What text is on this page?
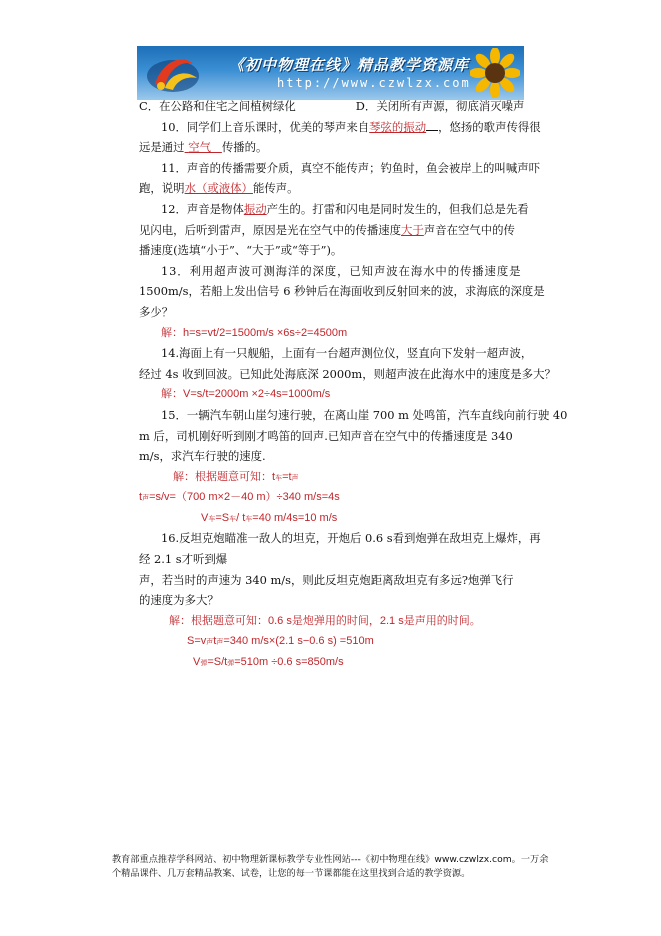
《初中物理在线》精品教学资源库
http://www.czwlzx.com
C．在公路和住宅之间植树绿化	D．关闭所有声源，彻底消灭噪声
10．同学们上音乐课时，优美的琴声来自琴弦的振动 ，悠扬的歌声传得很
远是通过 空气 传播的。
11．声音的传播需要介质，真空不能传声；钓鱼时，鱼会被岸上的叫喊声吓
跑，说明水（或液体）能传声。
12．声音是物体振动产生的。打雷和闪电是同时发生的，但我们总是先看
见闪电，后听到雷声，原因是光在空气中的传播速度大于声音在空气中的传
播速度(选填“小于”、“大于”或“等于”)。
13．利用超声波可测海洋的深度，已知声波在海水中的传播速度是
1500m/s，若船上发出信号 6 秒钟后在海面收到反射回来的波，求海底的深度是
多少？
解：h=s=vt/2=1500m/s ×6s÷2=4500m
14.海面上有一只舰船，上面有一台超声测位仪，竖直向下发射一超声波，
经过 4s 收到回波。已知此处海底深 2000m，则超声波在此海水中的速度是多大？
解：V=s/t=2000m ×2÷4s=1000m/s
15．一辆汽车朝山崖匀速行驶，在离山崖 700 m 处鸣笛，汽车直线向前行驶 40
m 后，司机刚好听到刚才鸣笛的回声.已知声音在空气中的传播速度是 340
m/s，求汽车行驶的速度.
解：根据题意可知：t车=t声
t声=s/v=（700 m×2－40 m）÷340 m/s=4s
V车=S车/ t车=40 m/4s=10 m/s
16.反坦克炮瞄准一敌人的坦克，开炮后 0.6 s看到炮弹在敌坦克上爆炸，再
经 2.1 s才听到爆
声，若当时的声速为 340 m/s，则此反坦克炮距离敌坦克有多远?炮弹飞行
的速度为多大？
解：根据题意可知：0.6 s是炮弹用的时间，2.1 s是声用的时间。
S=v声t声=340 m/s×(2.1 s−0.6 s) =510m
V弹=S/t弹=510m ÷0.6 s=850m/s
教育部重点推荐学科网站、初中物理新课标教学专业性网站---《初中物理在线》www.czwlzx.com。一万余
个精品课件、几万套精品教案、试卷，让您的每一节课都能在这里找到合适的教学资源。
